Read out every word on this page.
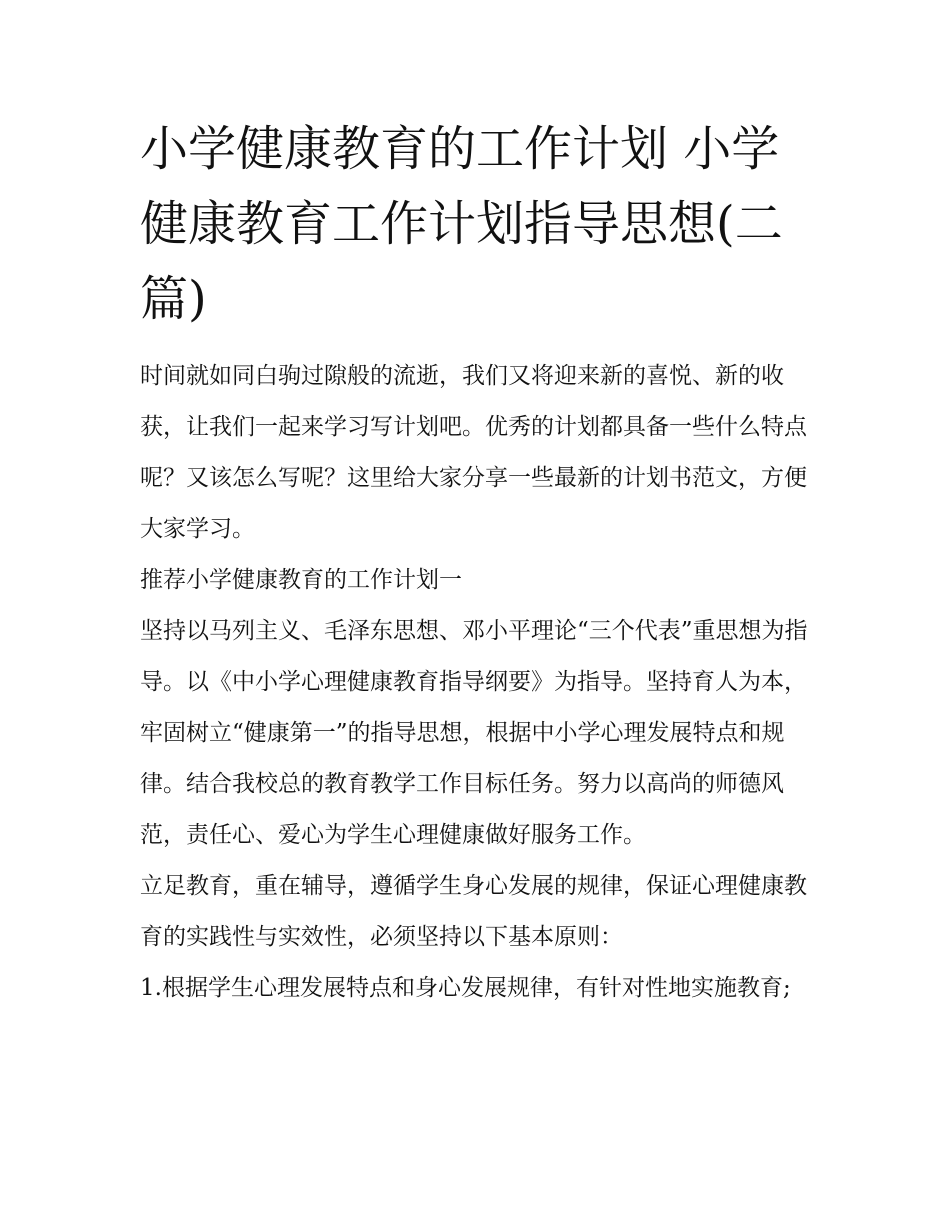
小学健康教育的工作计划 小学健康教育工作计划指导思想(二篇)

时间就如同白驹过隙般的流逝，我们又将迎来新的喜悦、新的收获，让我们一起来学习写计划吧。优秀的计划都具备一些什么特点呢？又该怎么写呢？这里给大家分享一些最新的计划书范文，方便大家学习。

推荐小学健康教育的工作计划一

坚持以马列主义、毛泽东思想、邓小平理论“三个代表”重思想为指导。以《中小学心理健康教育指导纲要》为指导。坚持育人为本，牢固树立“健康第一”的指导思想，根据中小学心理发展特点和规律。结合我校总的教育教学工作目标任务。努力以高尚的师德风范，责任心、爱心为学生心理健康做好服务工作。

立足教育，重在辅导，遵循学生身心发展的规律，保证心理健康教育的实践性与实效性，必须坚持以下基本原则：

1.根据学生心理发展特点和身心发展规律，有针对性地实施教育;
